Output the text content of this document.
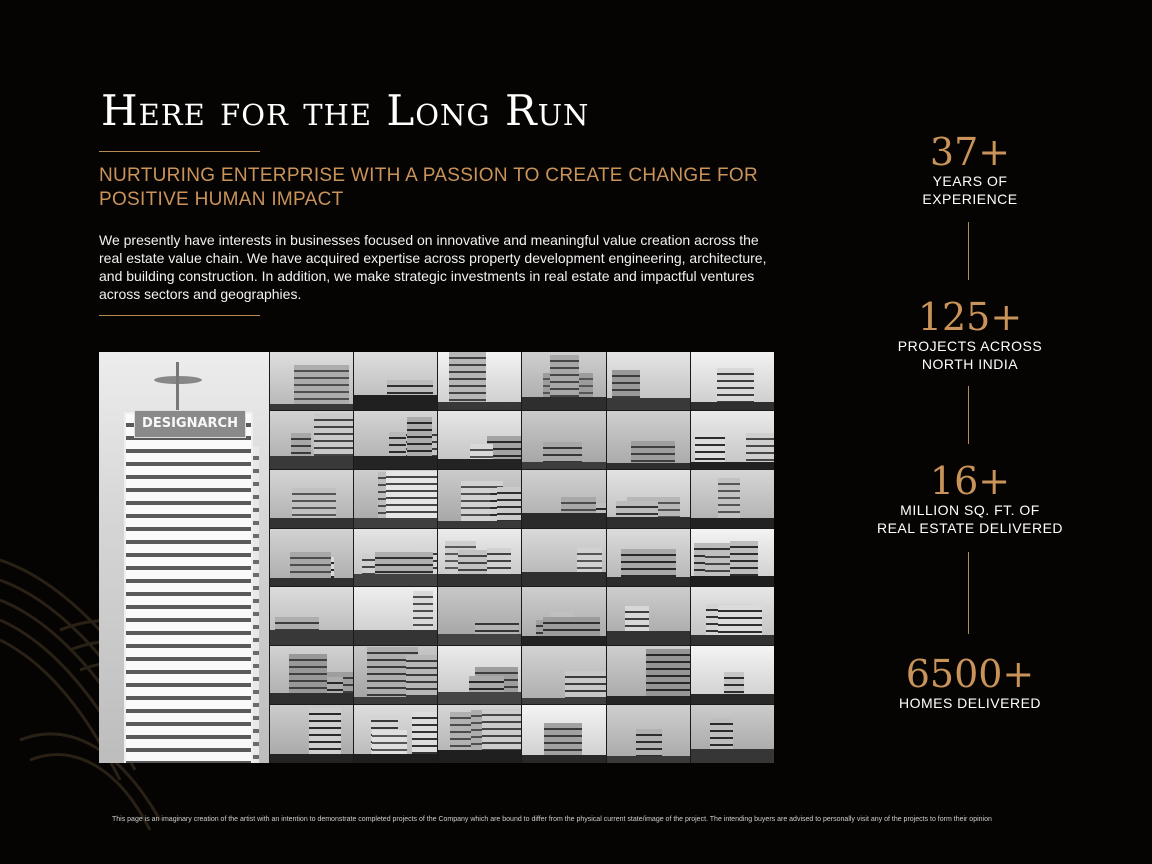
Here for the Long Run
NURTURING ENTERPRISE WITH A PASSION TO CREATE CHANGE FOR POSITIVE HUMAN IMPACT

We presently have interests in businesses focused on innovative and meaningful value creation across the real estate value chain. We have acquired expertise across property development engineering, architecture, and building construction. In addition, we make strategic investments in real estate and impactful ventures across sectors and geographies.

DESIGNARCH
37+
YEARS OF
EXPERIENCE
125+
PROJECTS ACROSS
NORTH INDIA
16+
MILLION SQ. FT. OF
REAL ESTATE DELIVERED
6500+
HOMES DELIVERED

This page is an imaginary creation of the artist with an intention to demonstrate completed projects of the Company which are bound to differ from the physical current state/image of the project. The intending buyers are advised to personally visit any of the projects to form their opinion
